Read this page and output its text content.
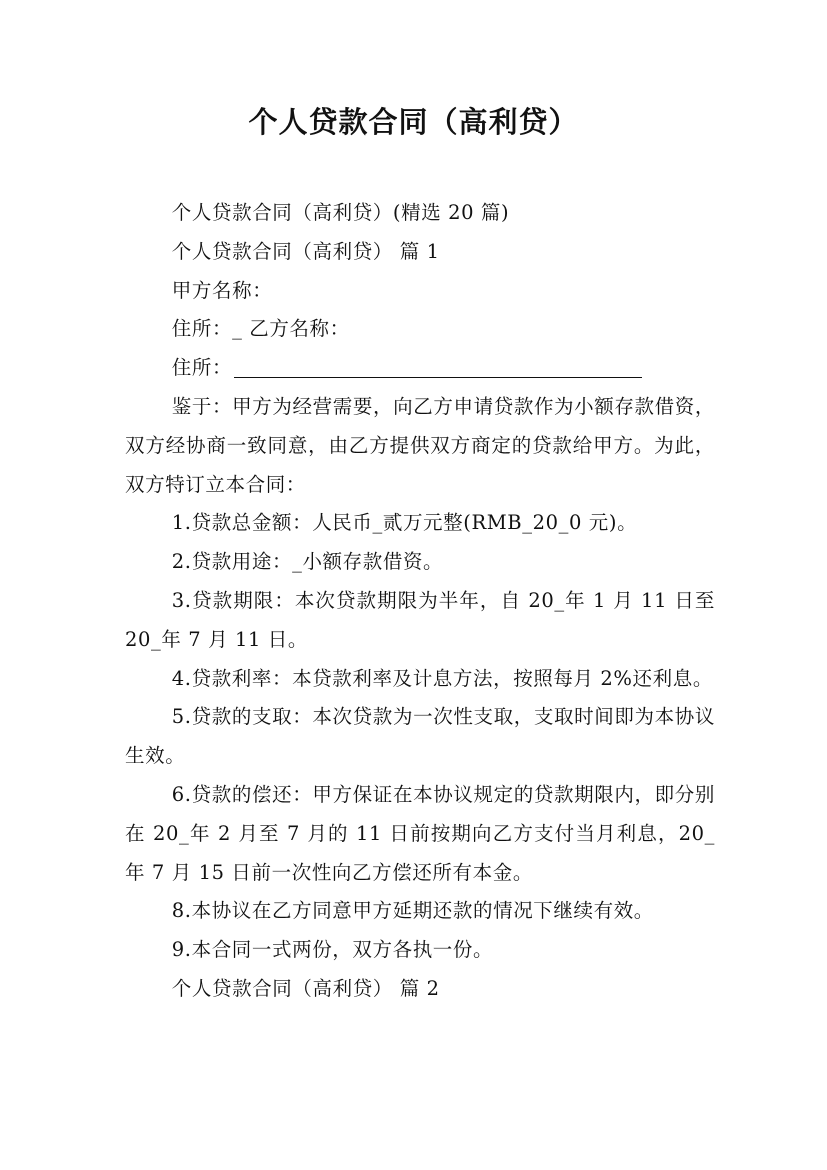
个人贷款合同（高利贷）

个人贷款合同（高利贷）(精选 20 篇)

个人贷款合同（高利贷） 篇 1

甲方名称：

住所：_ 乙方名称：

住所：

鉴于：甲方为经营需要，向乙方申请贷款作为小额存款借资，双方经协商一致同意，由乙方提供双方商定的贷款给甲方。为此，双方特订立本合同：

1.贷款总金额：人民币_贰万元整(RMB_20_0 元)。

2.贷款用途：_小额存款借资。

3.贷款期限：本次贷款期限为半年，自 20_年 1 月 11 日至 20_年 7 月 11 日。

4.贷款利率：本贷款利率及计息方法，按照每月 2%还利息。

5.贷款的支取：本次贷款为一次性支取，支取时间即为本协议生效。

6.贷款的偿还：甲方保证在本协议规定的贷款期限内，即分别在 20_年 2 月至 7 月的 11 日前按期向乙方支付当月利息，20_年 7 月 15 日前一次性向乙方偿还所有本金。

8.本协议在乙方同意甲方延期还款的情况下继续有效。

9.本合同一式两份，双方各执一份。

个人贷款合同（高利贷） 篇 2
